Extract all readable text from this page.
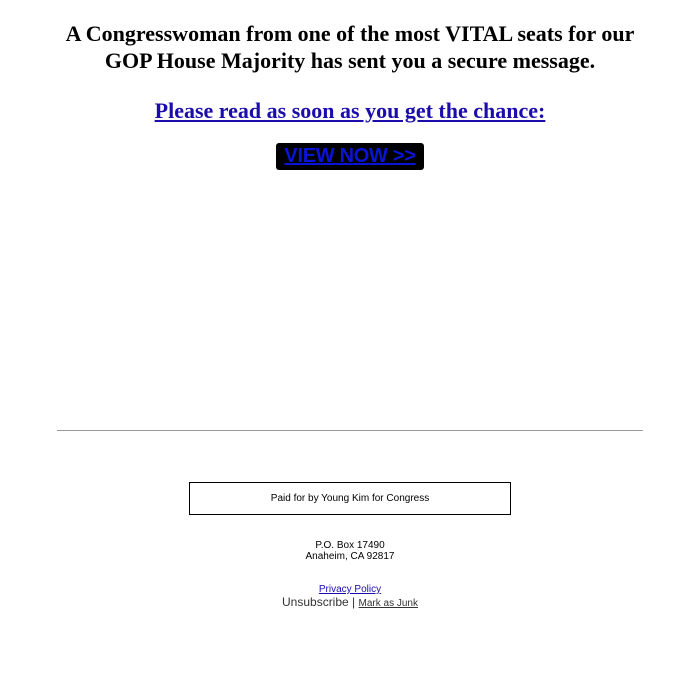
A Congresswoman from one of the most VITAL seats for our
GOP House Majority has sent you a secure message.
Please read as soon as you get the chance:
VIEW NOW >>
Paid for by Young Kim for Congress
P.O. Box 17490
Anaheim, CA 92817
Privacy Policy
Unsubscribe | Mark as Junk
